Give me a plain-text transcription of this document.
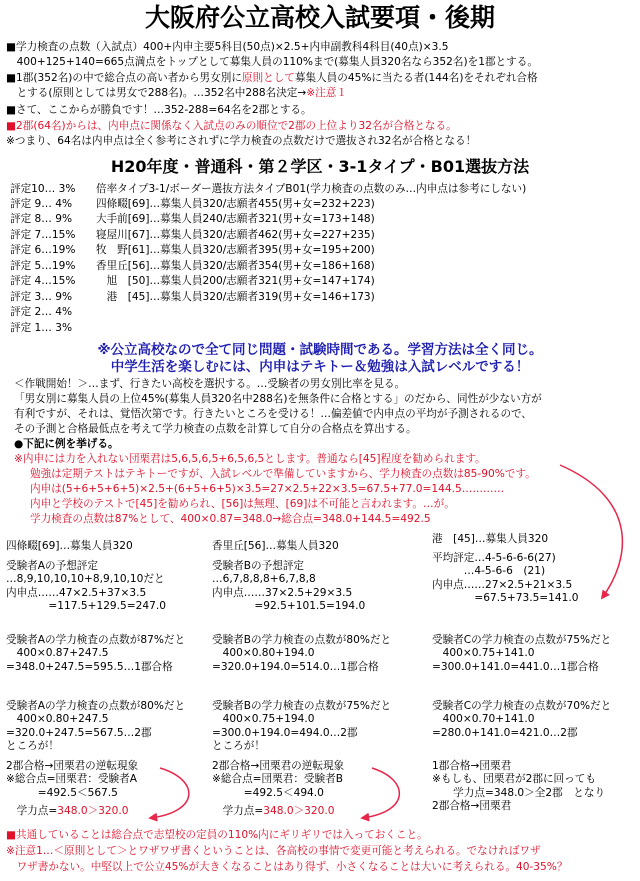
大阪府公立高校入試要項・後期
■学力検査の点数（入試点）400+内申主要5科目(50点)×2.5+内申副教科4科目(40点)×3.5
　400+125+140=665点満点をトップとして募集人員の110%まで(募集人員320名なら352名)を1郡とする。
■1郡(352名)の中で総合点の高い者から男女別に原則として募集人員の45%に当たる者(144名)をそれぞれ合格
　とする(原則としては男女で288名)。…352名中288名決定→※注意１
■さて、ここからが勝負です！…352-288=64名を2郡とする。
■2郡(64名)からは、内申点に関係なく入試点のみの順位で2郡の上位より32名が合格となる。
※つまり、64名は内申点は全く参考にされずに学力検査の点数だけで選抜され32名が合格となる！
H20年度・普通科・第２学区・3-1タイプ・B01選抜方法
評定10… 3%
評定 9… 4%
評定 8… 9%
評定 7…15%
評定 6…19%
評定 5…19%
評定 4…15%
評定 3… 9%
評定 2… 4%
評定 1… 3%
倍率タイプ3-1/ボーダー選抜方法タイプB01(学力検査の点数のみ…内申点は参考にしない)
四條畷[69]…募集人員320/志願者455(男+女=232+223)
大手前[69]…募集人員240/志願者321(男+女=173+148)
寝屋川[67]…募集人員320/志願者462(男+女=227+235)
牧　野[61]…募集人員320/志願者395(男+女=195+200)
香里丘[56]…募集人員320/志願者354(男+女=186+168)
　旭　[50]…募集人員200/志願者321(男+女=147+174)
　港　[45]…募集人員320/志願者319(男+女=146+173)
※公立高校なので全て同じ問題・試験時間である。学習方法は全く同じ。
中学生活を楽しむには、内申はテキトー＆勉強は入試レベルでする！
＜作戦開始！＞…まず、行きたい高校を選択する。…受験者の男女別比率を見る。
「男女別に募集人員の上位45%(募集人員320名中288名)を無条件に合格とする」のだから、同性が少ない方が
有利ですが、それは、覚悟次第です。行きたいところを受ける！…偏差値で内申点の平均が予測されるので、
その予測と合格最低点を考えて学力検査の点数を計算して自分の合格点を算出する。
●下記に例を挙げる。
※内申には力を入れない団栗君は5,6,5,6,5+6,5,6,5とします。普通なら[45]程度を勧められます。
勉強は定期テストはテキトーですが、入試レベルで準備していますから、学力検査の点数は85-90%です。
内申は(5+6+5+6+5)×2.5+(6+5+6+5)×3.5=27×2.5+22×3.5=67.5+77.0=144.5…………
内申と学校のテストで[45]を勧められ、[56]は無理、[69]は不可能と言われます。…が。
学力検査の点数は87%として、400×0.87=348.0→総合点=348.0+144.5=492.5
四條畷[69]…募集人員320
受験者Aの予想評定
…8,9,10,10,10+8,9,10,10だと
内申点……47×2.5+37×3.5
　　　　=117.5+129.5=247.0
受験者Aの学力検査の点数が87%だと
　400×0.87+247.5
=348.0+247.5=595.5…1郡合格
受験者Aの学力検査の点数が80%だと
　400×0.80+247.5
=320.0+247.5=567.5…2郡
ところが！
2郡合格→団栗君の逆転現象
※総合点=団栗君：受験者A
　　　=492.5＜567.5
　学力点=348.0＞320.0
香里丘[56]…募集人員320
受験者Bの予想評定
…6,7,8,8,8+6,7,8,8
内申点……37×2.5+29×3.5
　　　　=92.5+101.5=194.0
受験者Bの学力検査の点数が80%だと
　400×0.80+194.0
=320.0+194.0=514.0…1郡合格
受験者Bの学力検査の点数が75%だと
　400×0.75+194.0
=300.0+194.0=494.0…2郡
ところが！
2郡合格→団栗君の逆転現象
※総合点=団栗君：受験者B
　　　=492.5＜494.0
　学力点=348.0＞320.0
港　[45]…募集人員320
平均評定…4-5-6-6-6(27)
　　　…4-5-6-6　(21)
内申点……27×2.5+21×3.5
　　　　=67.5+73.5=141.0
受験者Cの学力検査の点数が75%だと
　400×0.75+141.0
=300.0+141.0=441.0…1郡合格
受験者Cの学力検査の点数が70%だと
　400×0.70+141.0
=280.0+141.0=421.0…2郡
1郡合格→団栗君
※もしも、団栗君が2郡に回っても
　　学力点=348.0＞全2郡　となり
2郡合格→団栗君
■共通していることは総合点で志望校の定員の110%内にギリギリでは入っておくこと。
※注意1…＜原則として＞とワザワザ書くということは、各高校の事情で変更可能と考えられる。でなければワザ
　ワザ書かない。中堅以上で公立45%が大きくなることはあり得ず、小さくなることは大いに考えられる。40-35%？
